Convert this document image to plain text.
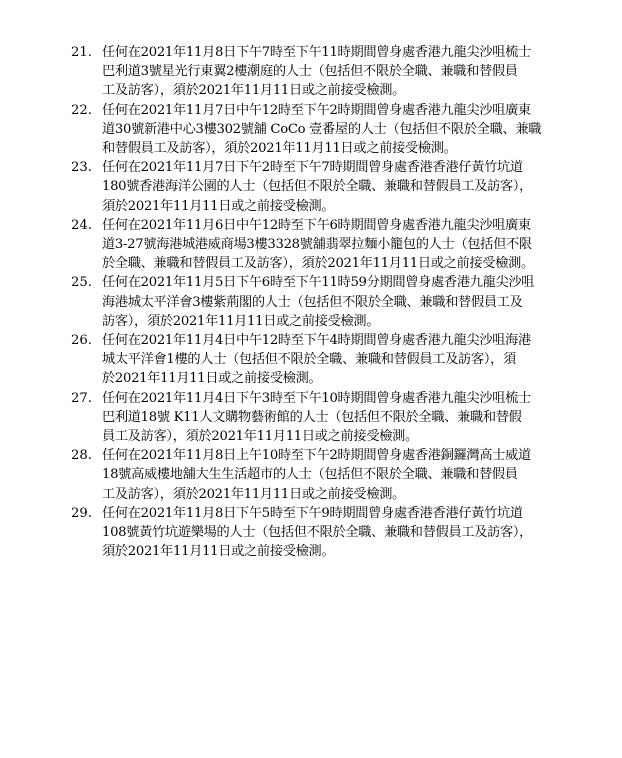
21. 任何在2021年11月8日下午7時至下午11時期間曾身處香港九龍尖沙咀梳士
巴利道3號星光行東翼2樓潮庭的人士（包括但不限於全職、兼職和替假員
工及訪客），須於2021年11月11日或之前接受檢測。
22. 任何在2021年11月7日中午12時至下午2時期間曾身處香港九龍尖沙咀廣東
道30號新港中心3樓302號舖 CoCo 壹番屋的人士（包括但不限於全職、兼職
和替假員工及訪客），須於2021年11月11日或之前接受檢測。
23. 任何在2021年11月7日下午2時至下午7時期間曾身處香港香港仔黃竹坑道
180號香港海洋公園的人士（包括但不限於全職、兼職和替假員工及訪客），
須於2021年11月11日或之前接受檢測。
24. 任何在2021年11月6日中午12時至下午6時期間曾身處香港九龍尖沙咀廣東
道3-27號海港城港威商場3樓3328號舖翡翠拉麵小籠包的人士（包括但不限
於全職、兼職和替假員工及訪客），須於2021年11月11日或之前接受檢測。
25. 任何在2021年11月5日下午6時至下午11時59分期間曾身處香港九龍尖沙咀
海港城太平洋會3樓紫荊閣的人士（包括但不限於全職、兼職和替假員工及
訪客），須於2021年11月11日或之前接受檢測。
26. 任何在2021年11月4日中午12時至下午4時期間曾身處香港九龍尖沙咀海港
城太平洋會1樓的人士（包括但不限於全職、兼職和替假員工及訪客），須
於2021年11月11日或之前接受檢測。
27. 任何在2021年11月4日下午3時至下午10時期間曾身處香港九龍尖沙咀梳士
巴利道18號 K11人文購物藝術館的人士（包括但不限於全職、兼職和替假
員工及訪客），須於2021年11月11日或之前接受檢測。
28. 任何在2021年11月8日上午10時至下午2時期間曾身處香港銅鑼灣高士威道
18號高威樓地舖大生生活超市的人士（包括但不限於全職、兼職和替假員
工及訪客），須於2021年11月11日或之前接受檢測。
29. 任何在2021年11月8日下午5時至下午9時期間曾身處香港香港仔黃竹坑道
108號黃竹坑遊樂場的人士（包括但不限於全職、兼職和替假員工及訪客），
須於2021年11月11日或之前接受檢測。
